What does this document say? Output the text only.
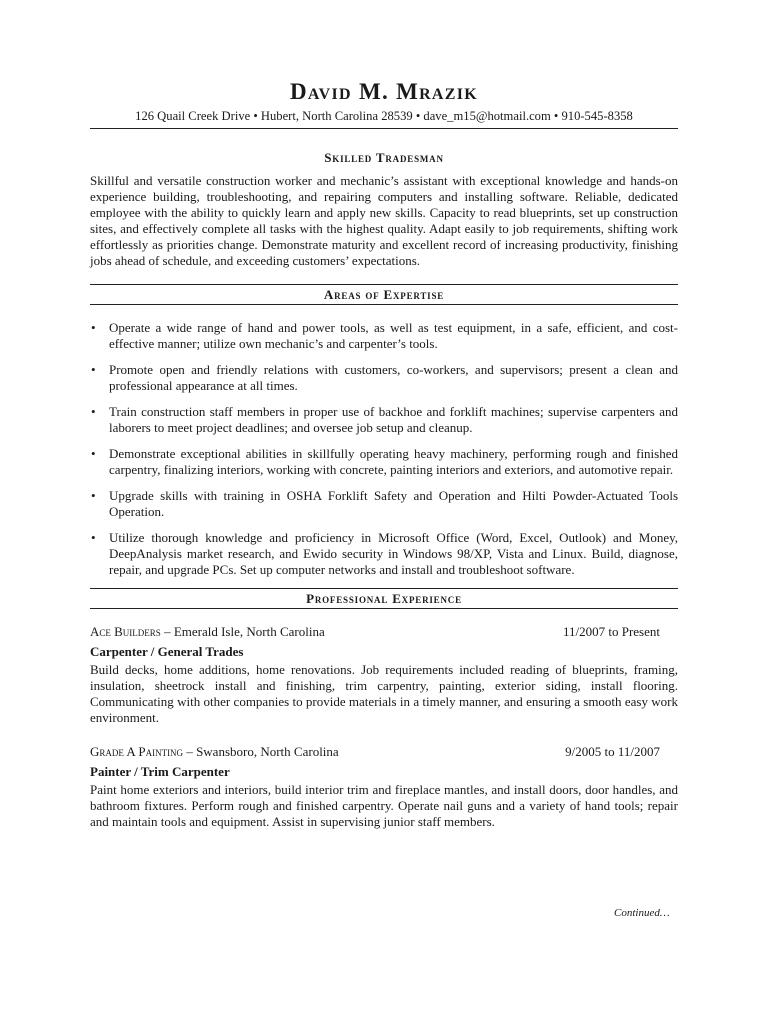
David M. Mrazik
126 Quail Creek Drive • Hubert, North Carolina 28539 • dave_m15@hotmail.com • 910-545-8358
Skilled Tradesman
Skillful and versatile construction worker and mechanic’s assistant with exceptional knowledge and hands-on experience building, troubleshooting, and repairing computers and installing software. Reliable, dedicated employee with the ability to quickly learn and apply new skills. Capacity to read blueprints, set up construction sites, and effectively complete all tasks with the highest quality. Adapt easily to job requirements, shifting work effortlessly as priorities change. Demonstrate maturity and excellent record of increasing productivity, finishing jobs ahead of schedule, and exceeding customers’ expectations.
Areas of Expertise
• Operate a wide range of hand and power tools, as well as test equipment, in a safe, efficient, and cost-effective manner; utilize own mechanic’s and carpenter’s tools.
• Promote open and friendly relations with customers, co-workers, and supervisors; present a clean and professional appearance at all times.
• Train construction staff members in proper use of backhoe and forklift machines; supervise carpenters and laborers to meet project deadlines; and oversee job setup and cleanup.
• Demonstrate exceptional abilities in skillfully operating heavy machinery, performing rough and finished carpentry, finalizing interiors, working with concrete, painting interiors and exteriors, and automotive repair.
• Upgrade skills with training in OSHA Forklift Safety and Operation and Hilti Powder-Actuated Tools Operation.
• Utilize thorough knowledge and proficiency in Microsoft Office (Word, Excel, Outlook) and Money, DeepAnalysis market research, and Ewido security in Windows 98/XP, Vista and Linux. Build, diagnose, repair, and upgrade PCs. Set up computer networks and install and troubleshoot software.
Professional Experience
Ace Builders – Emerald Isle, North Carolina	11/2007 to Present
Carpenter / General Trades
Build decks, home additions, home renovations. Job requirements included reading of blueprints, framing, insulation, sheetrock install and finishing, trim carpentry, painting, exterior siding, install flooring. Communicating with other companies to provide materials in a timely manner, and ensuring a smooth easy work environment.
Grade A Painting – Swansboro, North Carolina	9/2005 to 11/2007
Painter / Trim Carpenter
Paint home exteriors and interiors, build interior trim and fireplace mantles, and install doors, door handles, and bathroom fixtures. Perform rough and finished carpentry. Operate nail guns and a variety of hand tools; repair and maintain tools and equipment. Assist in supervising junior staff members.
Continued…
